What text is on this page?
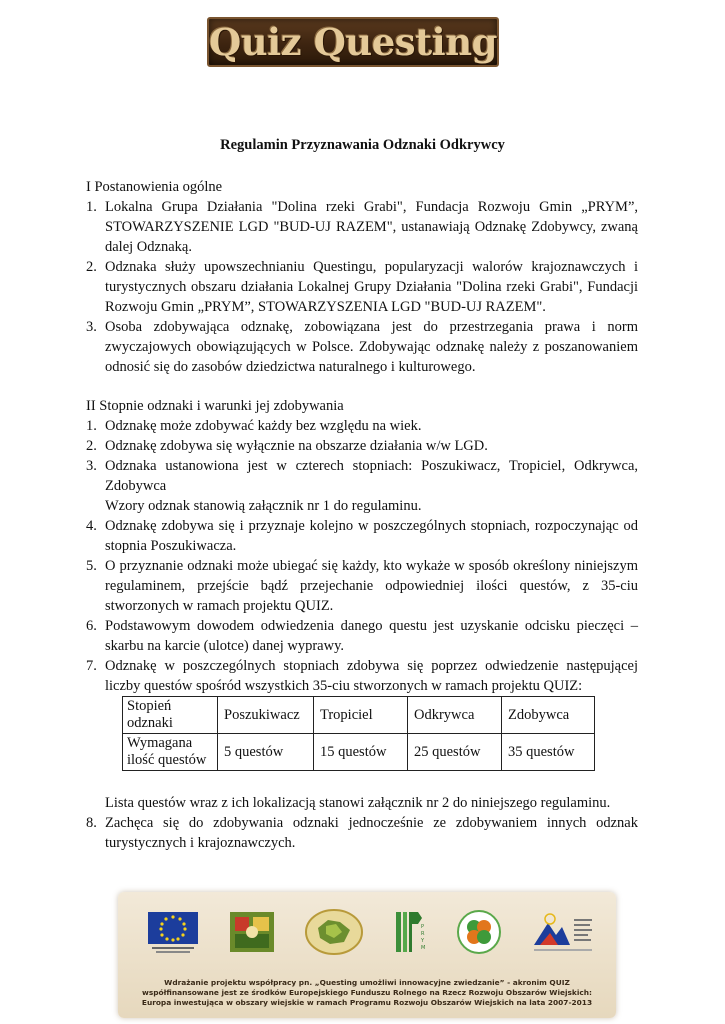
Quiz Questing
Regulamin Przyznawania Odznaki Odkrywcy

I Postanowienia ogólne

1. Lokalna Grupa Działania "Dolina rzeki Grabi", Fundacja Rozwoju Gmin „PRYM”, STOWARZYSZENIE LGD "BUD-UJ RAZEM", ustanawiają Odznakę Zdobywcy, zwaną dalej Odznaką.

2. Odznaka służy upowszechnianiu Questingu, popularyzacji walorów krajoznawczych i turystycznych obszaru działania Lokalnej Grupy Działania "Dolina rzeki Grabi", Fundacji Rozwoju Gmin „PRYM”, STOWARZYSZENIA LGD "BUD-UJ RAZEM".

3. Osoba zdobywająca odznakę, zobowiązana jest do przestrzegania prawa i norm zwyczajowych obowiązujących w Polsce. Zdobywając odznakę należy z poszanowaniem odnosić się do zasobów dziedzictwa naturalnego i kulturowego.

II Stopnie odznaki i warunki jej zdobywania

1. Odznakę może zdobywać każdy bez względu na wiek.

2. Odznakę zdobywa się wyłącznie na obszarze działania w/w LGD.

3. Odznaka ustanowiona jest w czterech stopniach: Poszukiwacz, Tropiciel, Odkrywca, Zdobywca

Wzory odznak stanowią załącznik nr 1 do regulaminu.

4. Odznakę zdobywa się i przyznaje kolejno w poszczególnych stopniach, rozpoczynając od stopnia Poszukiwacza.

5. O przyznanie odznaki może ubiegać się każdy, kto wykaże w sposób określony niniejszym regulaminem, przejście bądź przejechanie odpowiedniej ilości questów, z 35-ciu stworzonych w ramach projektu QUIZ.

6. Podstawowym dowodem odwiedzenia danego questu jest uzyskanie odcisku pieczęci – skarbu na karcie (ulotce) danej wyprawy.

7. Odznakę w poszczególnych stopniach zdobywa się poprzez odwiedzenie następującej liczby questów spośród wszystkich 35-ciu stworzonych w ramach projektu QUIZ:

Stopień odznaki	Poszukiwacz	Tropiciel	Odkrywca	Zdobywca
Wymagana ilość questów	5 questów	15 questów	25 questów	35 questów

Lista questów wraz z ich lokalizacją stanowi załącznik nr 2 do niniejszego regulaminu.

8. Zachęca się do zdobywania odznaki jednocześnie ze zdobywaniem innych odznak turystycznych i krajoznawczych.

P
R
Y
M
Wdrażanie projektu współpracy pn. „Questing umożliwi innowacyjne zwiedzanie” - akronim QUIZ
współfinansowane jest ze środków Europejskiego Funduszu Rolnego na Rzecz Rozwoju Obszarów Wiejskich:
Europa inwestująca w obszary wiejskie w ramach Programu Rozwoju Obszarów Wiejskich na lata 2007-2013
